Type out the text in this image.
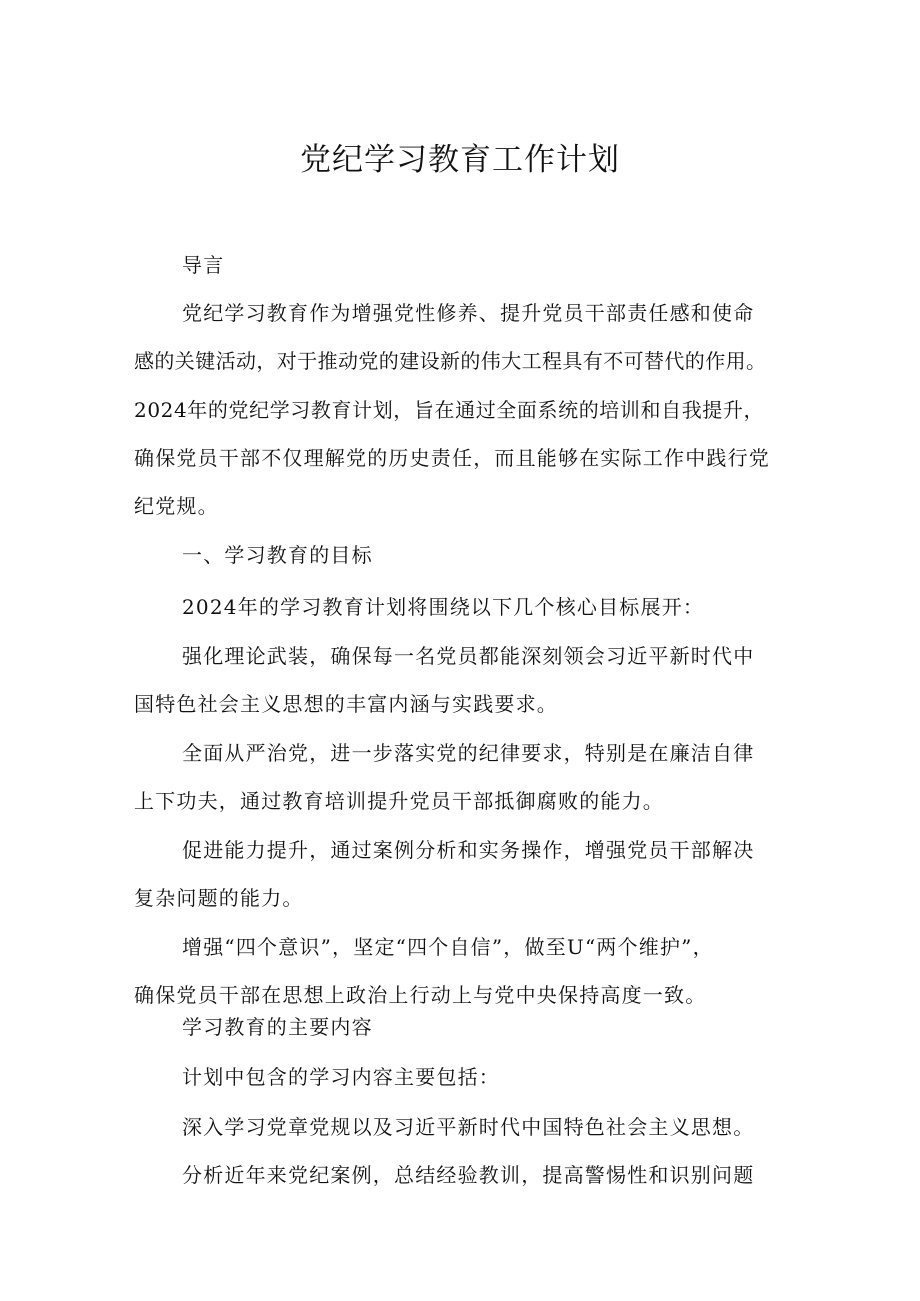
党纪学习教育工作计划

导言

党纪学习教育作为增强党性修养、提升党员干部责任感和使命

感的关键活动，对于推动党的建设新的伟大工程具有不可替代的作用。

2024年的党纪学习教育计划，旨在通过全面系统的培训和自我提升，

确保党员干部不仅理解党的历史责任，而且能够在实际工作中践行党

纪党规。

一、学习教育的目标

2024年的学习教育计划将围绕以下几个核心目标展开：

强化理论武装，确保每一名党员都能深刻领会习近平新时代中

国特色社会主义思想的丰富内涵与实践要求。

全面从严治党，进一步落实党的纪律要求，特别是在廉洁自律

上下功夫，通过教育培训提升党员干部抵御腐败的能力。

促进能力提升，通过案例分析和实务操作，增强党员干部解决

复杂问题的能力。

增强“四个意识”，坚定“四个自信”，做至U“两个维护”，

确保党员干部在思想上政治上行动上与党中央保持高度一致。

学习教育的主要内容

计划中包含的学习内容主要包括：

深入学习党章党规以及习近平新时代中国特色社会主义思想。

分析近年来党纪案例，总结经验教训，提高警惕性和识别问题
